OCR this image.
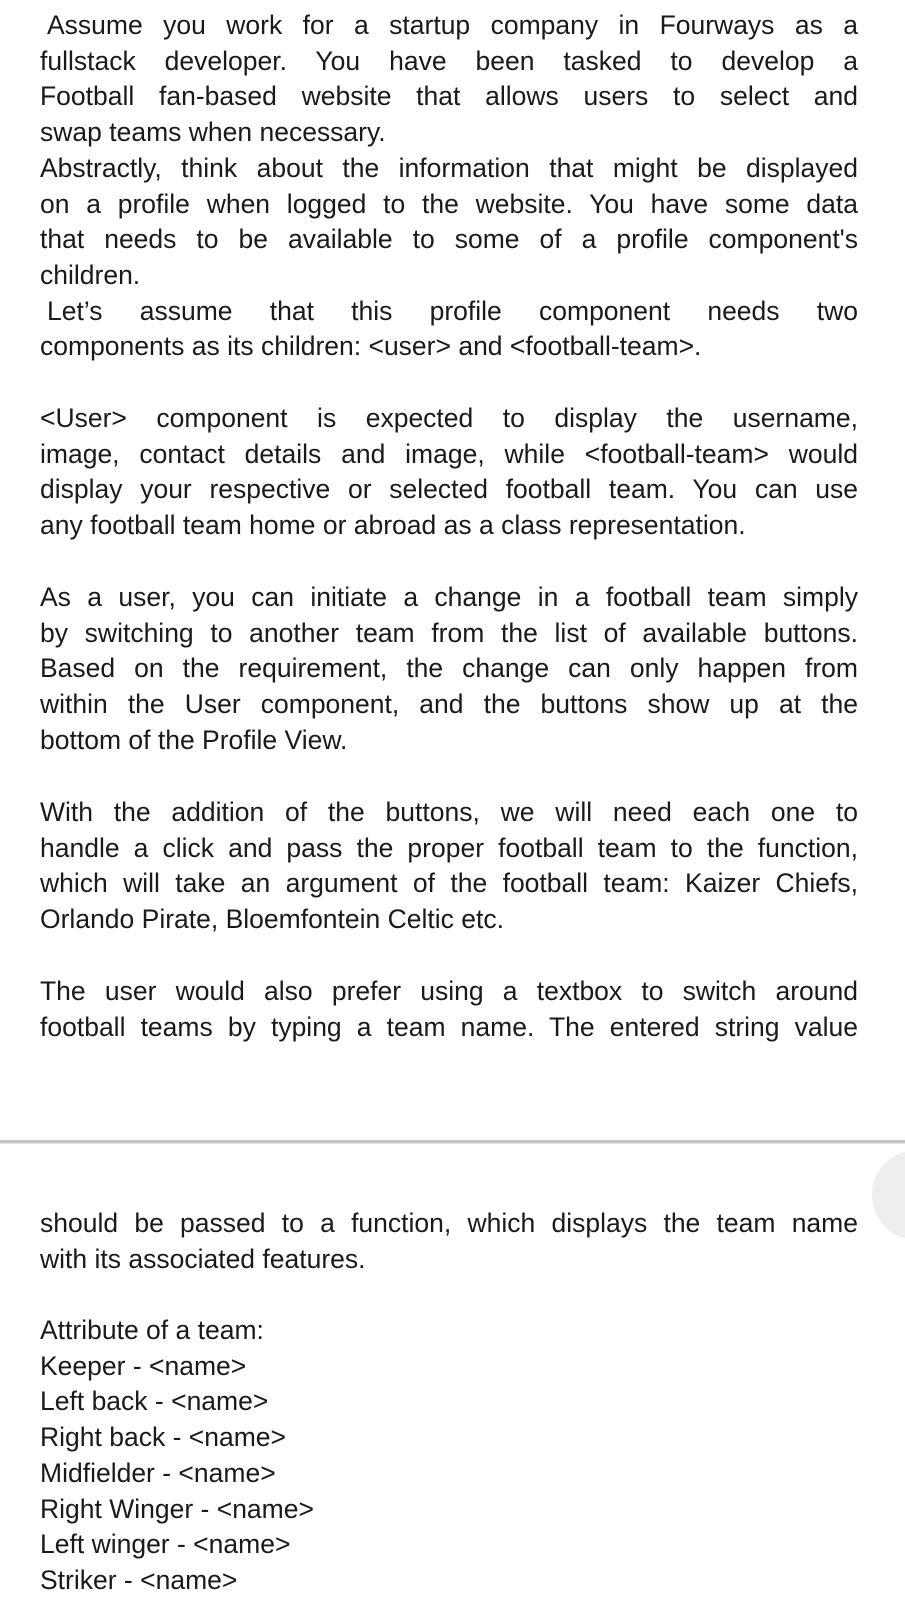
Assume you work for a startup company in Fourways as a
fullstack developer. You have been tasked to develop a
Football fan-based website that allows users to select and
swap teams when necessary.
Abstractly, think about the information that might be displayed
on a profile when logged to the website. You have some data
that needs to be available to some of a profile component's
children.
Let’s assume that this profile component needs two
components as its children: <user> and <football-team>.

<User> component is expected to display the username,
image, contact details and image, while <football-team> would
display your respective or selected football team. You can use
any football team home or abroad as a class representation.

As a user, you can initiate a change in a football team simply
by switching to another team from the list of available buttons.
Based on the requirement, the change can only happen from
within the User component, and the buttons show up at the
bottom of the Profile View.

With the addition of the buttons, we will need each one to
handle a click and pass the proper football team to the function,
which will take an argument of the football team: Kaizer Chiefs,
Orlando Pirate, Bloemfontein Celtic etc.

The user would also prefer using a textbox to switch around
football teams by typing a team name. The entered string value

should be passed to a function, which displays the team name
with its associated features.

Attribute of a team:
Keeper - <name>
Left back - <name>
Right back - <name>
Midfielder - <name>
Right Winger - <name>
Left winger - <name>
Striker - <name>
